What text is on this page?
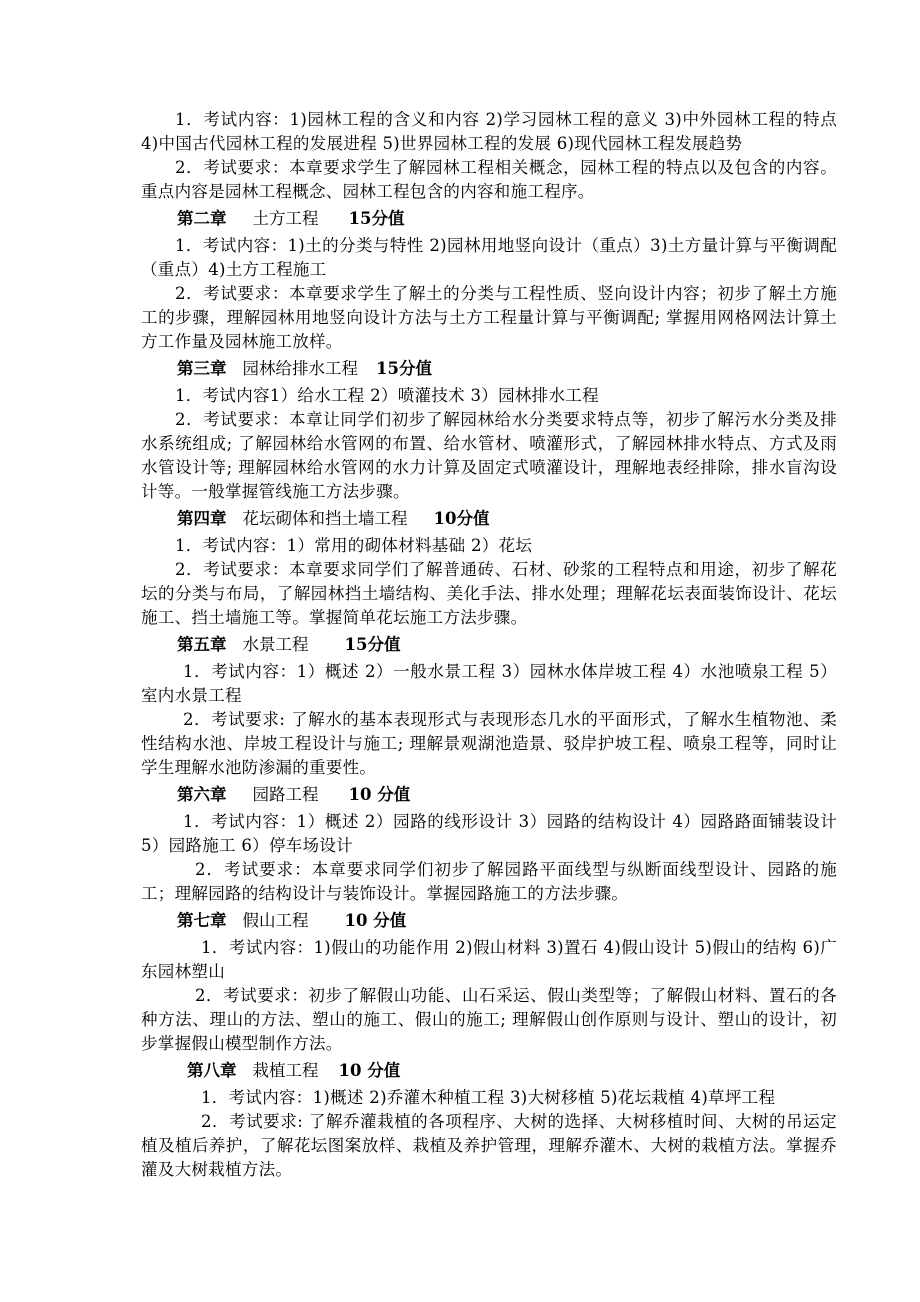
1．考试内容：1)园林工程的含义和内容 2)学习园林工程的意义 3)中外园林工程的特点 4)中国古代园林工程的发展进程 5)世界园林工程的发展 6)现代园林工程发展趋势

2．考试要求：本章要求学生了解园林工程相关概念，园林工程的特点以及包含的内容。重点内容是园林工程概念、园林工程包含的内容和施工程序。

第二章 土方工程 15分值

1．考试内容：1)土的分类与特性 2)园林用地竖向设计（重点）3)土方量计算与平衡调配（重点）4)土方工程施工

2．考试要求：本章要求学生了解土的分类与工程性质、竖向设计内容；初步了解土方施工的步骤，理解园林用地竖向设计方法与土方工程量计算与平衡调配; 掌握用网格网法计算土方工作量及园林施工放样。

第三章 园林给排水工程 15分值

1．考试内容1）给水工程 2）喷灌技术 3）园林排水工程

2．考试要求：本章让同学们初步了解园林给水分类要求特点等，初步了解污水分类及排水系统组成; 了解园林给水管网的布置、给水管材、喷灌形式，了解园林排水特点、方式及雨水管设计等; 理解园林给水管网的水力计算及固定式喷灌设计，理解地表经排除，排水盲沟设计等。一般掌握管线施工方法步骤。

第四章 花坛砌体和挡土墙工程 10分值

1．考试内容：1）常用的砌体材料基础 2）花坛

2．考试要求：本章要求同学们了解普通砖、石材、砂浆的工程特点和用途，初步了解花坛的分类与布局，了解园林挡土墙结构、美化手法、排水处理；理解花坛表面装饰设计、花坛施工、挡土墙施工等。掌握简单花坛施工方法步骤。

第五章 水景工程 15分值

1．考试内容：1）概述 2）一般水景工程 3）园林水体岸坡工程 4）水池喷泉工程 5）室内水景工程

2．考试要求: 了解水的基本表现形式与表现形态几水的平面形式，了解水生植物池、柔性结构水池、岸坡工程设计与施工; 理解景观湖池造景、驳岸护坡工程、喷泉工程等，同时让学生理解水池防渗漏的重要性。

第六章 园路工程 10 分值

1．考试内容：1）概述 2）园路的线形设计 3）园路的结构设计 4）园路路面铺装设计 5）园路施工 6）停车场设计

2．考试要求：本章要求同学们初步了解园路平面线型与纵断面线型设计、园路的施工；理解园路的结构设计与装饰设计。掌握园路施工的方法步骤。

第七章 假山工程 10 分值

1．考试内容：1)假山的功能作用 2)假山材料 3)置石 4)假山设计 5)假山的结构 6)广东园林塑山

2．考试要求：初步了解假山功能、山石采运、假山类型等；了解假山材料、置石的各种方法、理山的方法、塑山的施工、假山的施工; 理解假山创作原则与设计、塑山的设计，初步掌握假山模型制作方法。

第八章 栽植工程 10 分值

1．考试内容：1)概述 2)乔灌木种植工程 3)大树移植 5)花坛栽植 4)草坪工程

2．考试要求: 了解乔灌栽植的各项程序、大树的选择、大树移植时间、大树的吊运定植及植后养护，了解花坛图案放样、栽植及养护管理，理解乔灌木、大树的栽植方法。掌握乔灌及大树栽植方法。
